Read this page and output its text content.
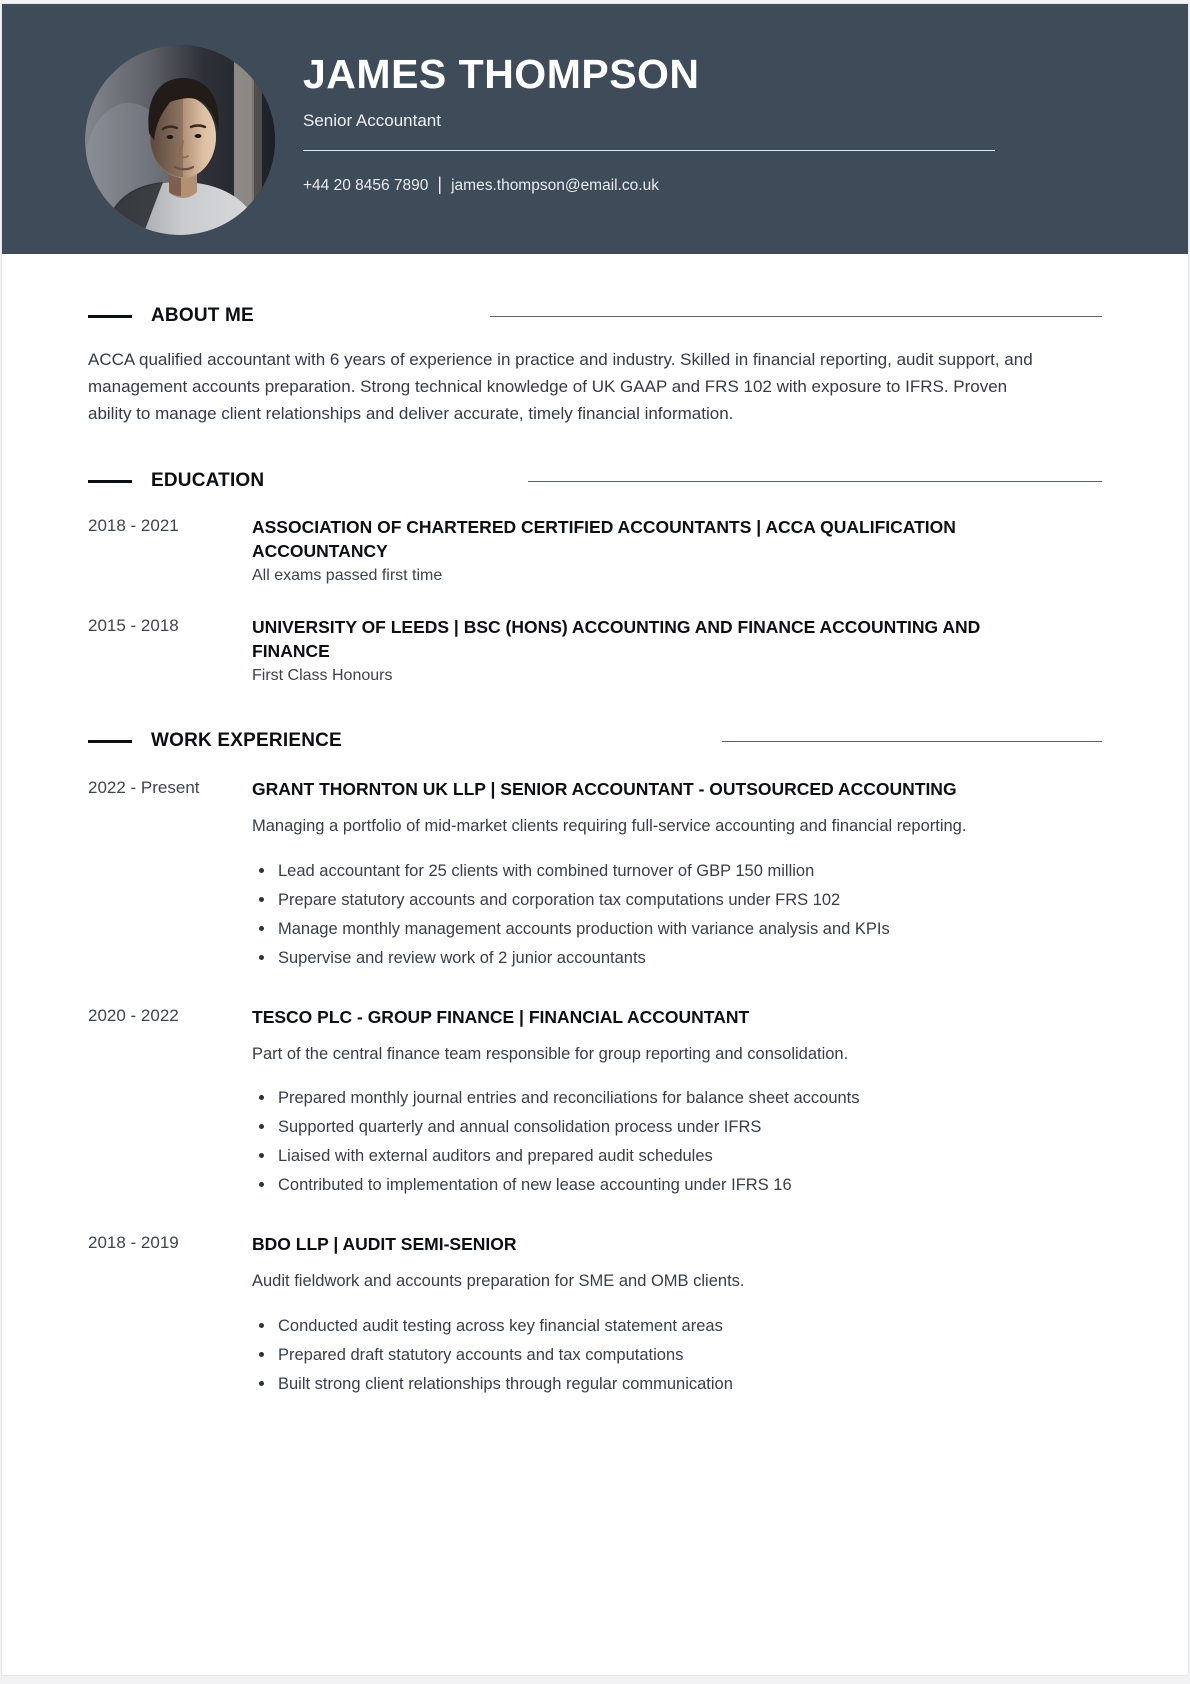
JAMES THOMPSON
Senior Accountant
+44 20 8456 7890 | james.thompson@email.co.uk
ABOUT ME

ACCA qualified accountant with 6 years of experience in practice and industry. Skilled in financial reporting, audit support, and management accounts preparation. Strong technical knowledge of UK GAAP and FRS 102 with exposure to IFRS. Proven ability to manage client relationships and deliver accurate, timely financial information.

EDUCATION
2018 - 2021	ASSOCIATION OF CHARTERED CERTIFIED ACCOUNTANTS | ACCA QUALIFICATION ACCOUNTANCY
All exams passed first time
2015 - 2018	UNIVERSITY OF LEEDS | BSC (HONS) ACCOUNTING AND FINANCE ACCOUNTING AND FINANCE
First Class Honours
WORK EXPERIENCE
2022 - Present	GRANT THORNTON UK LLP | SENIOR ACCOUNTANT - OUTSOURCED ACCOUNTING

Managing a portfolio of mid-market clients requiring full-service accounting and financial reporting.

Lead accountant for 25 clients with combined turnover of GBP 150 million
Prepare statutory accounts and corporation tax computations under FRS 102
Manage monthly management accounts production with variance analysis and KPIs
Supervise and review work of 2 junior accountants
2020 - 2022	TESCO PLC - GROUP FINANCE | FINANCIAL ACCOUNTANT

Part of the central finance team responsible for group reporting and consolidation.

Prepared monthly journal entries and reconciliations for balance sheet accounts
Supported quarterly and annual consolidation process under IFRS
Liaised with external auditors and prepared audit schedules
Contributed to implementation of new lease accounting under IFRS 16
2018 - 2019	BDO LLP | AUDIT SEMI-SENIOR

Audit fieldwork and accounts preparation for SME and OMB clients.

Conducted audit testing across key financial statement areas
Prepared draft statutory accounts and tax computations
Built strong client relationships through regular communication
